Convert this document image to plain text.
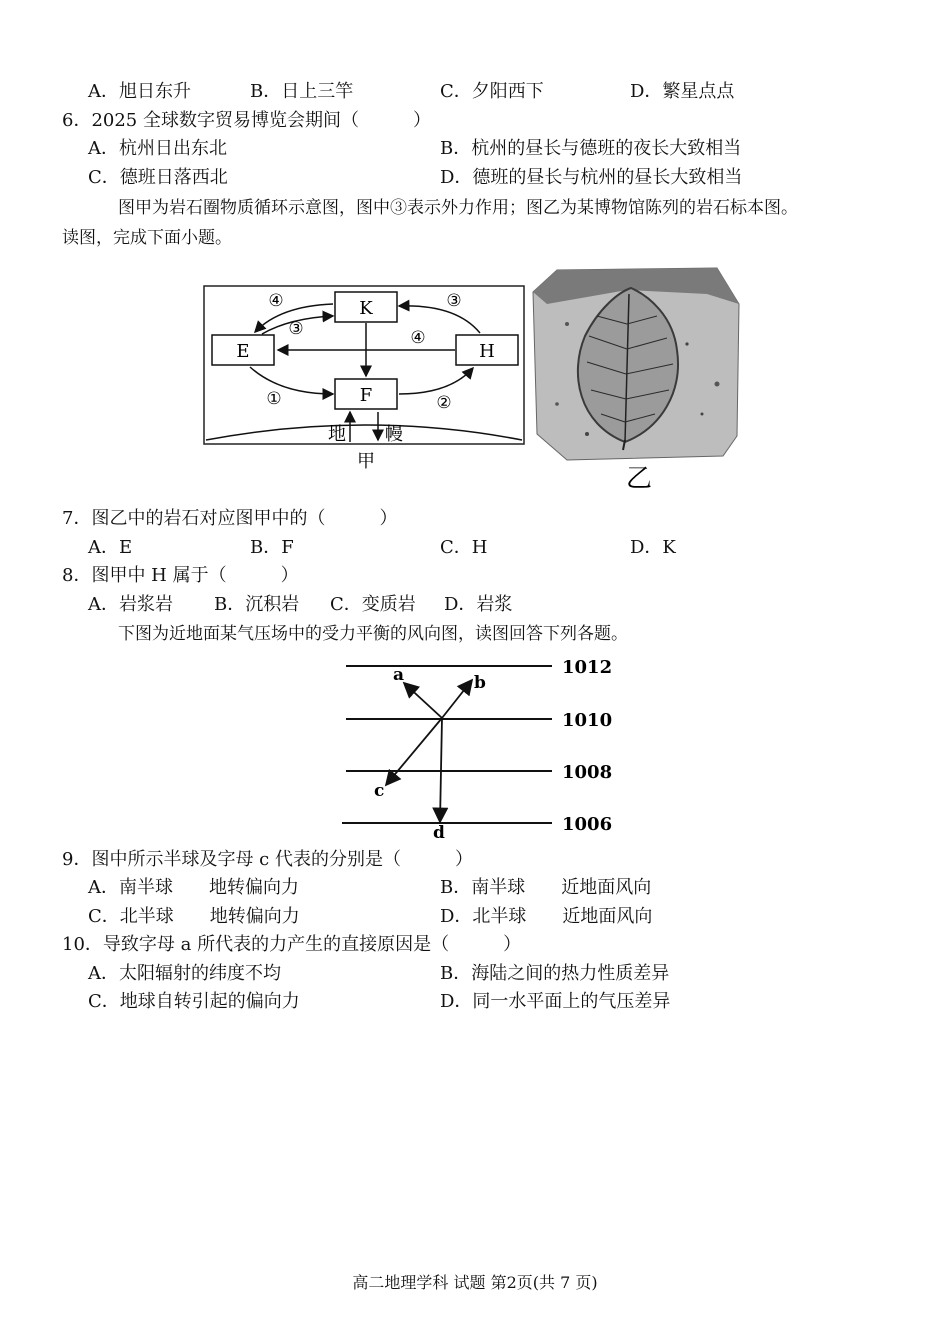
A．旭日东升	B．日上三竿	C．夕阳西下	D．繁星点点
6．2025 全球数字贸易博览会期间（　　　）
A．杭州日出东北	B．杭州的昼长与德班的夜长大致相当
C．德班日落西北	D．德班的昼长与杭州的昼长大致相当
图甲为岩石圈物质循环示意图，图中③表示外力作用；图乙为某博物馆陈列的岩石标本图。
读图，完成下面小题。
K
E	H
F
④
③
③
④
①	②
地 幔
甲
乙
7．图乙中的岩石对应图甲中的（　　　）
A．E	B．F	C．H	D．K
8．图甲中 H 属于（　　　）
A．岩浆岩 B．沉积岩 C．变质岩 D．岩浆
下图为近地面某气压场中的受力平衡的风向图，读图回答下列各题。
1012
1010
1008
1006
a	b
c
d
9．图中所示半球及字母 c 代表的分别是（　　　）
A．南半球　　地转偏向力	B．南半球　　近地面风向
C．北半球　　地转偏向力	D．北半球　　近地面风向
10．导致字母 a 所代表的力产生的直接原因是（　　　）
A．太阳辐射的纬度不均	B．海陆之间的热力性质差异
C．地球自转引起的偏向力	D．同一水平面上的气压差异
高二地理学科 试题 第2页(共 7 页)
